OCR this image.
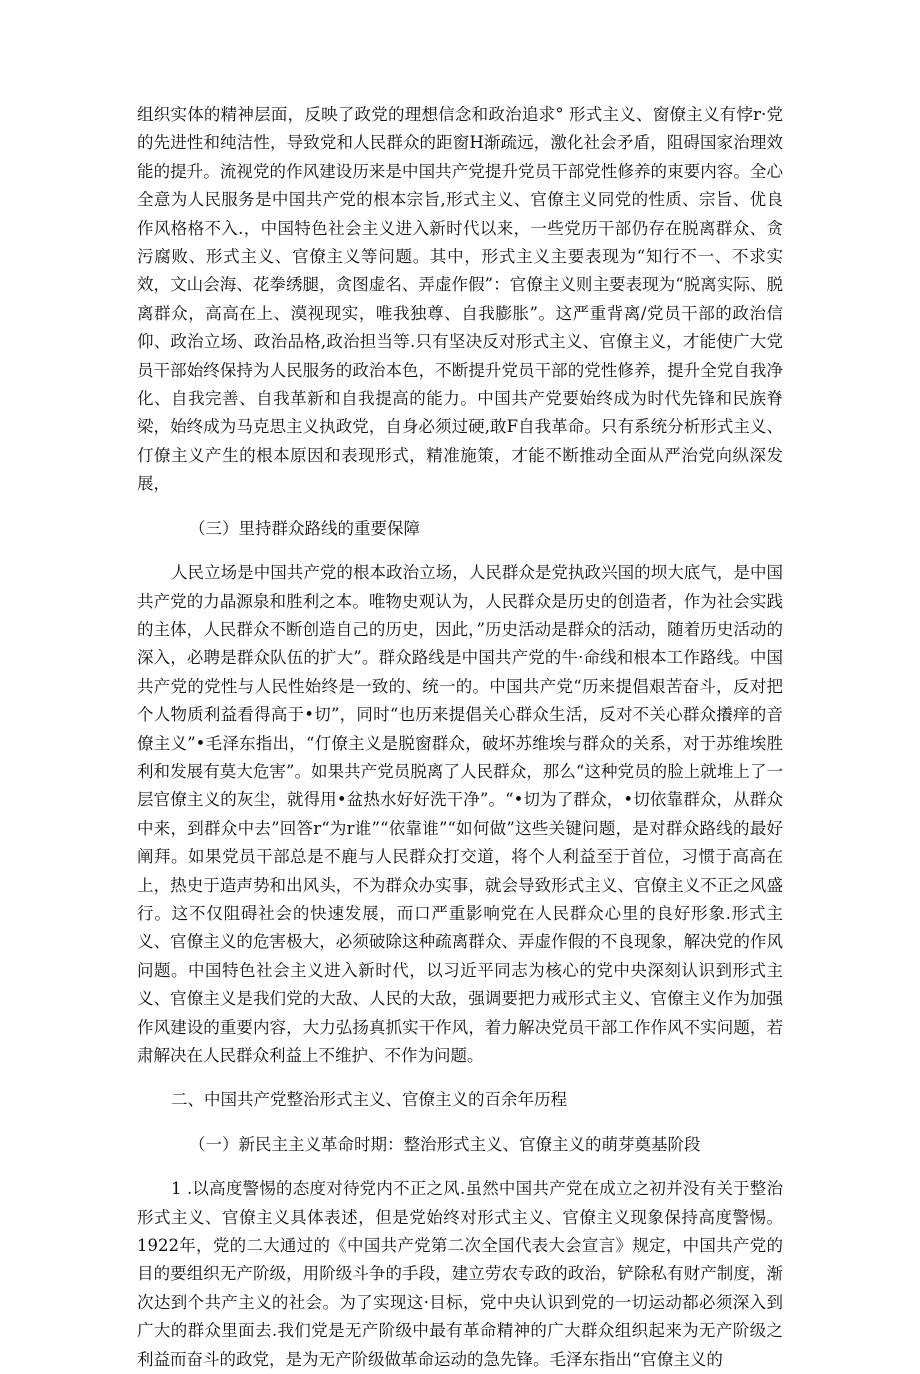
组织实体的精神层面，反映了政党的理想信念和政治追求° 形式主义、窗僚主义有悖r·党的先进性和纯洁性，导致党和人民群众的距窗H渐疏远，激化社会矛盾，阻碍国家治理效能的提升。流视党的作风建设历来是中国共产党提升党员干部党性修养的束要内容。全心全意为人民服务是中国共产党的根本宗旨,形式主义、官僚主义同党的性质、宗旨、优良作风格格不入.，中国特色社会主义进入新时代以来，一些党历干部仍存在脱离群众、贪污腐败、形式主义、官僚主义等问题。其中，形式主义主要表现为“知行不一、不求实效，文山会海、花拳绣腿，贪图虚名、弄虚作假”：官僚主义则主要表现为“脱离实际、脱离群众，高高在上、漠视现实，唯我独尊、自我膨胀”。这严重背离/党员干部的政治信仰、政治立场、政治品格,政治担当等.只有坚决反对形式主义、官僚主义，才能使广大党员干部始终保持为人民服务的政治本色，不断提升党员干部的党性修养，提升全党自我净化、自我完善、自我革新和自我提高的能力。中国共产党要始终成为时代先锋和民族脊梁，始终成为马克思主义执政党，自身必须过硬,敢F自我革命。只有系统分析形式主义、仃僚主义产生的根本原因和表现形式，精准施策，才能不断推动全面从严治党向纵深发展，

（三）里持群众路线的重要保障

人民立场是中国共产党的根本政治立场，人民群众是党执政兴国的坝大底气，是中国共产党的力晶源泉和胜利之本。唯物史观认为，人民群众是历史的创造者，作为社会实践的主体，人民群众不断创造自己的历史，因此，”历史活动是群众的活动，随着历史活动的深入，必聘是群众队伍的扩大”。群众路线是中国共产党的牛·命线和根本工作路线。中国共产党的党性与人民性始终是一致的、统一的。中国共产党“历来提倡艰苦奋斗，反对把个人物质利益看得高于•切”，同时“也历来提倡关心群众生活，反对不关心群众攁痒的音僚主义”•毛泽东指出，“仃僚主义是脱窗群众，破坏苏维埃与群众的关系，对于苏维埃胜利和发展有莫大危害”。如果共产党员脱离了人民群众，那么“这种党员的脸上就堆上了一层官僚主义的灰尘，就得用•盆热水好好洗干净”。“•切为了群众，•切依靠群众，从群众中来，到群众中去”回答r“为r谁”“依靠谁”“如何做”这些关键问题，是对群众路线的最好阐拜。如果党员干部总是不鹿与人民群众打交道，将个人利益至于首位，习惯于高高在上，热史于造声势和出风头，不为群众办实事，就会导致形式主义、官僚主义不正之风盛行。这不仅阻碍社会的快速发展，而口严重影响党在人民群众心里的良好形象.形式主义、官僚主义的危害极大，必须破除这种疏离群众、弄虚作假的不良现象，解决党的作风问题。中国特色社会主义进入新时代，以习近平同志为核心的党中央深刻认识到形式主义、官僚主义是我们党的大敌、人民的大敌，强调要把力戒形式主义、官僚主义作为加强作风建设的重要内容，大力弘扬真抓实干作风，着力解决党员干部工作作风不实问题，若肃解决在人民群众利益上不维护、不作为问题。

二、中国共产党整治形式主义、官僚主义的百余年历程

（一）新民主主义革命时期：整治形式主义、官僚主义的萌芽奠基阶段

1 .以高度警惕的态度对待党内不正之风.虽然中国共产党在成立之初并没有关于整治形式主义、官僚主义具体表述，但是党始终对形式主义、官僚主义现象保持高度警惕。1922年，党的二大通过的《中国共产党第二次全国代表大会宣言》规定，中国共产党的目的要组织无产阶级，用阶级斗争的手段，建立劳农专政的政治，铲除私有财产制度，渐次达到个共产主义的社会。为了实现这·目标，党中央认识到党的一切运动都必须深入到广大的群众里面去.我们党是无产阶级中最有革命精神的广大群众组织起来为无产阶级之利益而奋斗的政党，是为无产阶级做革命运动的急先锋。毛泽东指出“官僚主义的
